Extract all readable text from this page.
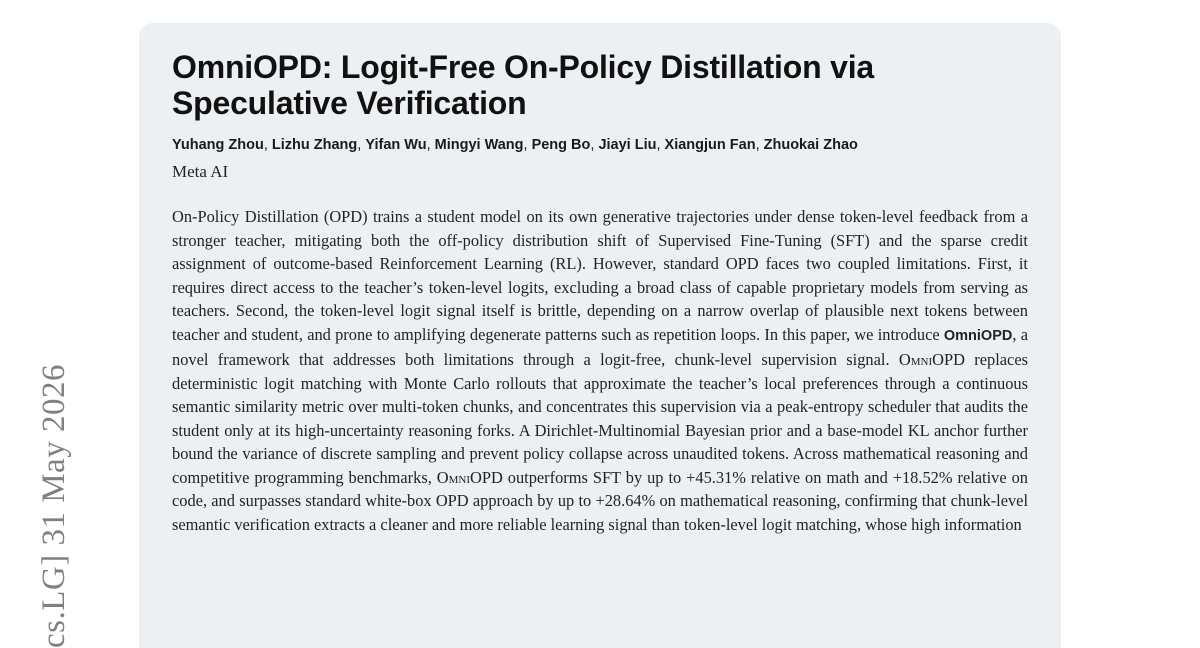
cs.LG] 31 May 2026
OmniOPD: Logit-Free On-Policy Distillation via Speculative Verification
Yuhang Zhou, Lizhu Zhang, Yifan Wu, Mingyi Wang, Peng Bo, Jiayi Liu, Xiangjun Fan, Zhuokai Zhao
Meta AI
On-Policy Distillation (OPD) trains a student model on its own generative trajectories under dense token-level feedback from a stronger teacher, mitigating both the off-policy distribution shift of Supervised Fine-Tuning (SFT) and the sparse credit assignment of outcome-based Reinforcement Learning (RL). However, standard OPD faces two coupled limitations. First, it requires direct access to the teacher’s token-level logits, excluding a broad class of capable proprietary models from serving as teachers. Second, the token-level logit signal itself is brittle, depending on a narrow overlap of plausible next tokens between teacher and student, and prone to amplifying degenerate patterns such as repetition loops. In this paper, we introduce OmniOPD, a novel framework that addresses both limitations through a logit-free, chunk-level supervision signal. OmniOPD replaces deterministic logit matching with Monte Carlo rollouts that approximate the teacher’s local preferences through a continuous semantic similarity metric over multi-token chunks, and concentrates this supervision via a peak-entropy scheduler that audits the student only at its high-uncertainty reasoning forks. A Dirichlet-Multinomial Bayesian prior and a base-model KL anchor further bound the variance of discrete sampling and prevent policy collapse across unaudited tokens. Across mathematical reasoning and competitive programming benchmarks, OmniOPD outperforms SFT by up to +45.31% relative on math and +18.52% relative on code, and surpasses standard white-box OPD approach by up to +28.64% on mathematical reasoning, confirming that chunk-level semantic verification extracts a cleaner and more reliable learning signal than token-level logit matching, whose high information
